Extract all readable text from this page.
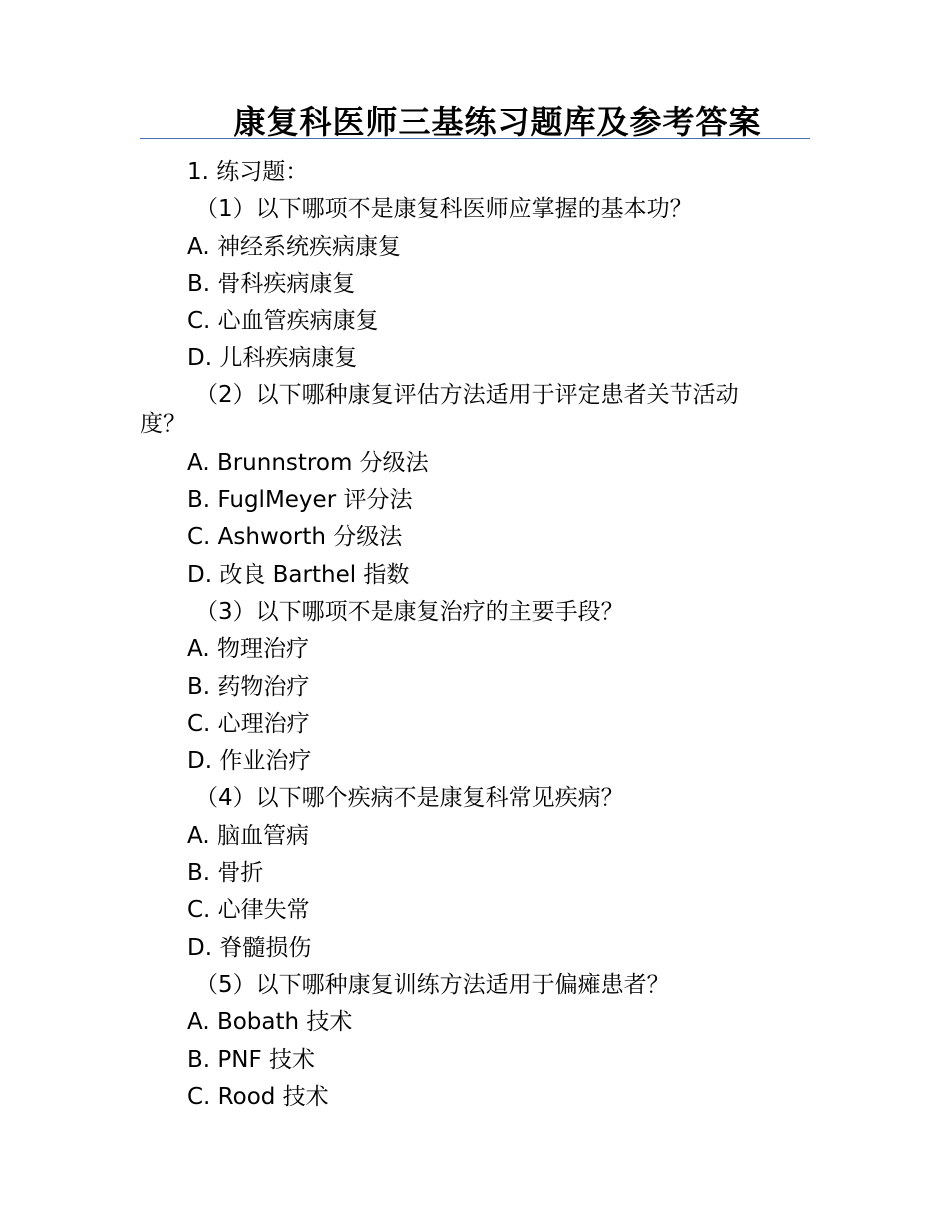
康复科医师三基练习题库及参考答案
1. 练习题：
（1）以下哪项不是康复科医师应掌握的基本功？
A. 神经系统疾病康复
B. 骨科疾病康复
C. 心血管疾病康复
D. 儿科疾病康复
（2）以下哪种康复评估方法适用于评定患者关节活动度？
A. Brunnstrom 分级法
B. FuglMeyer 评分法
C. Ashworth 分级法
D. 改良 Barthel 指数
（3）以下哪项不是康复治疗的主要手段？
A. 物理治疗
B. 药物治疗
C. 心理治疗
D. 作业治疗
（4）以下哪个疾病不是康复科常见疾病？
A. 脑血管病
B. 骨折
C. 心律失常
D. 脊髓损伤
（5）以下哪种康复训练方法适用于偏瘫患者？
A. Bobath 技术
B. PNF 技术
C. Rood 技术
